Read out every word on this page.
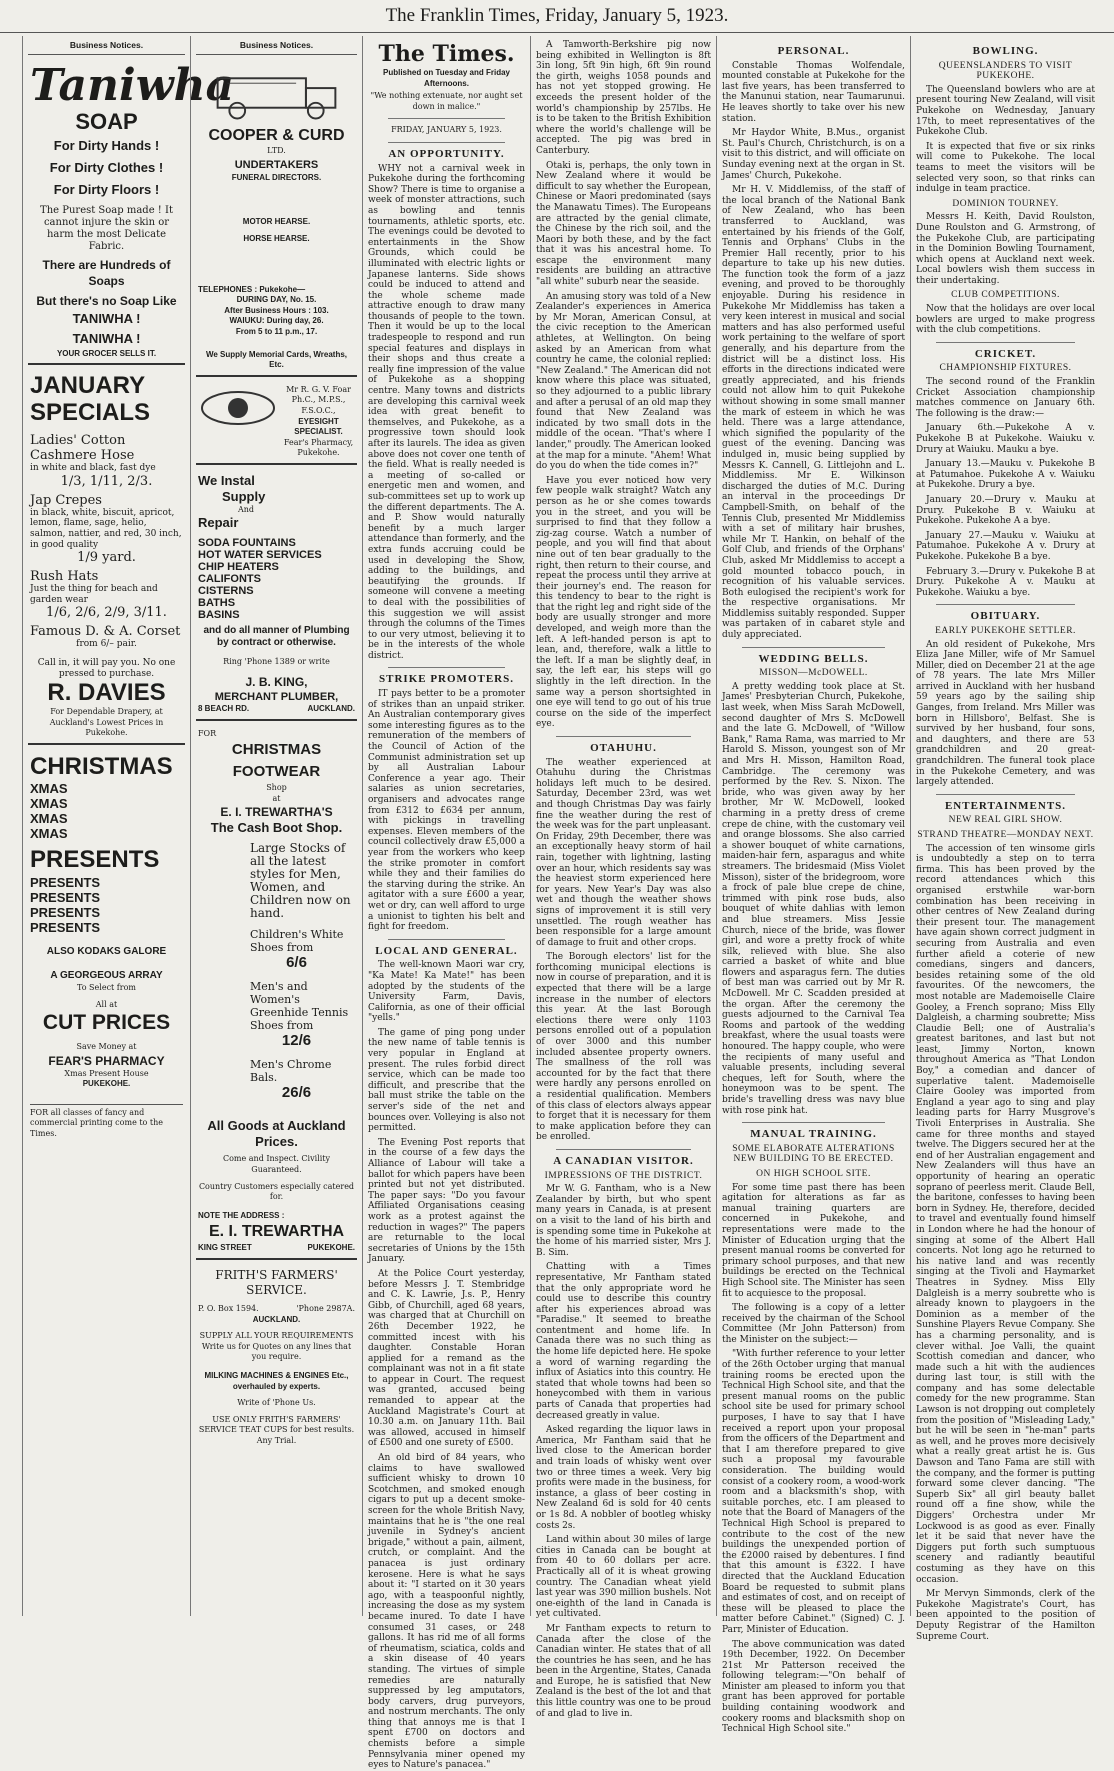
The Franklin Times, Friday, January 5, 1923.
Business Notices.
Taniwha
SOAP
For Dirty Hands !
For Dirty Clothes !
For Dirty Floors !
The Purest Soap made ! It cannot injure the skin or harm the most Delicate Fabric.
There are Hundreds of Soaps
But there's no Soap Like
TANIWHA !
TANIWHA !
YOUR GROCER SELLS IT.
JANUARY
SPECIALS
Ladies' Cotton Cashmere Hose
in white and black, fast dye
1/3, 1/11, 2/3.
Jap Crepes
in black, white, biscuit, apricot, lemon, flame, sage, helio, salmon, nattier, and red, 30 inch, in good quality
1/9 yard.
Rush Hats
Just the thing for beach and garden wear
1/6, 2/6, 2/9, 3/11.
Famous D. & A. Corset
from 6/– pair.
Call in, it will pay you. No one pressed to purchase.
R. DAVIES
For Dependable Drapery, at Auckland's Lowest Prices in Pukekohe.
CHRISTMAS
XMAS
XMAS
XMAS
XMAS
PRESENTS
PRESENTS
PRESENTS
PRESENTS
PRESENTS
ALSO KODAKS GALORE
A GEORGEOUS ARRAY
To Select from
All at
CUT PRICES
Save Money at
FEAR'S PHARMACY
Xmas Present House
PUKEKOHE.
FOR all classes of fancy and commercial printing come to the Times.
Business Notices.
COOPER & CURD
LTD.
UNDERTAKERS
FUNERAL DIRECTORS.
MOTOR HEARSE.
HORSE HEARSE.
TELEPHONES : Pukekohe—
DURING DAY, No. 15.
After Business Hours : 103.
WAIUKU: During day, 26.
From 5 to 11 p.m., 17.
We Supply Memorial Cards, Wreaths, Etc.
Mr R. G. V. Foar Ph.C., M.P.S., F.S.O.C.,
EYESIGHT SPECIALIST.
Fear's Pharmacy, Pukekohe.
We Instal
Supply
And
Repair
SODA FOUNTAINS
HOT WATER SERVICES
CHIP HEATERS
CALIFONTS
CISTERNS
BATHS
BASINS
and do all manner of Plumbing by contract or otherwise.
Ring 'Phone 1389 or write
J. B. KING,
MERCHANT PLUMBER,
8 BEACH RD.	AUCKLAND.
FOR
CHRISTMAS FOOTWEAR
Shop
at
E. I. TREWARTHA'S
The Cash Boot Shop.
Large Stocks of all the latest styles for Men, Women, and Children now on hand.
Children's White Shoes from
6/6
Men's and Women's Greenhide Tennis Shoes from
12/6
Men's Chrome Bals.
26/6
All Goods at Auckland Prices.
Come and Inspect. Civility Guaranteed.
Country Customers especially catered for.
NOTE THE ADDRESS :
E. I. TREWARTHA
KING STREET	PUKEKOHE.
FRITH'S FARMERS' SERVICE.
P. O. Box 1594.	'Phone 2987A.
AUCKLAND.
SUPPLY ALL YOUR REQUIREMENTS Write us for Quotes on any lines that you require.
MILKING MACHINES & ENGINES Etc., overhauled by experts.
Write of 'Phone Us.
USE ONLY FRITH'S FARMERS' SERVICE TEAT CUPS for best results. Any Trial.
The Times.
Published on Tuesday and Friday Afternoons.
"We nothing extenuate, nor aught set down in malice."
FRIDAY, JANUARY 5, 1923.
AN OPPORTUNITY.

WHY not a carnival week in Pukekohe during the forthcoming Show? There is time to organise a week of monster attractions, such as bowling and tennis tournaments, athletic sports, etc. The evenings could be devoted to entertainments in the Show Grounds, which could be illuminated with electric lights or Japanese lanterns. Side shows could be induced to attend and the whole scheme made attractive enough to draw many thousands of people to the town. Then it would be up to the local tradespeople to respond and run special features and displays in their shops and thus create a really fine impression of the value of Pukekohe as a shopping centre. Many towns and districts are developing this carnival week idea with great benefit to themselves, and Pukekohe, as a progressive town should look after its laurels. The idea as given above does not cover one tenth of the field. What is really needed is a meeting of so-called or energetic men and women, and sub-committees set up to work up the different departments. The A. and P. Show would naturally benefit by a much larger attendance than formerly, and the extra funds accruing could be used in developing the Show, adding to the buildings, and beautifying the grounds. If someone will convene a meeting to deal with the possibilities of this suggestion we will assist through the columns of the Times to our very utmost, believing it to be in the interests of the whole district.

STRIKE PROMOTERS.

IT pays better to be a promoter of strikes than an unpaid striker. An Australian contemporary gives some interesting figures as to the remuneration of the members of the Council of Action of the Communist administration set up by all Australian Labour Conference a year ago. Their salaries as union secretaries, organisers and advocates range from £312 to £634 per annum, with pickings in travelling expenses. Eleven members of the council collectively draw £5,000 a year from the workers who keep the strike promoter in comfort while they and their families do the starving during the strike. An agitator with a sure £600 a year, wet or dry, can well afford to urge a unionist to tighten his belt and fight for freedom.

LOCAL AND GENERAL.

The well-known Maori war cry, "Ka Mate! Ka Mate!" has been adopted by the students of the University Farm, Davis, California, as one of their official "yells."

The game of ping pong under the new name of table tennis is very popular in England at present. The rules forbid direct service, which can be made too difficult, and prescribe that the ball must strike the table on the server's side of the net and bounces over. Volleying is also not permitted.

The Evening Post reports that in the course of a few days the Alliance of Labour will take a ballot for which papers have been printed but not yet distributed. The paper says: "Do you favour Affiliated Organisations ceasing work as a protest against the reduction in wages?" The papers are returnable to the local secretaries of Unions by the 15th January.

At the Police Court yesterday, before Messrs J. T. Stembridge and C. K. Lawrie, J.s. P., Henry Gibb, of Churchill, aged 68 years, was charged that at Churchill on 26th December 1922, he committed incest with his daughter. Constable Horan applied for a remand as the complainant was not in a fit state to appear in Court. The request was granted, accused being remanded to appear at the Auckland Magistrate's Court at 10.30 a.m. on January 11th. Bail was allowed, accused in himself of £500 and one surety of £500.

An old bird of 84 years, who claims to have swallowed sufficient whisky to drown 10 Scotchmen, and smoked enough cigars to put up a decent smoke-screen for the whole British Navy, maintains that he is "the one real juvenile in Sydney's ancient brigade," without a pain, ailment, crutch, or complaint. And the panacea is just ordinary kerosene. Here is what he says about it: "I started on it 30 years ago, with a teaspoonful nightly, increasing the dose as my system became inured. To date I have consumed 31 cases, or 248 gallons. It has rid me of all forms of rheumatism, sciatica, colds and a skin disease of 40 years standing. The virtues of simple remedies are naturally suppressed by leg amputators, body carvers, drug purveyors, and nostrum merchants. The only thing that annoys me is that I spent £700 on doctors and chemists before a simple Pennsylvania miner opened my eyes to Nature's panacea."

A Tamworth-Berkshire pig now being exhibited in Wellington is 8ft 3in long, 5ft 9in high, 6ft 9in round the girth, weighs 1058 pounds and has not yet stopped growing. He exceeds the present holder of the world's championship by 257lbs. He is to be taken to the British Exhibition where the world's challenge will be accepted. The pig was bred in Canterbury.

Otaki is, perhaps, the only town in New Zealand where it would be difficult to say whether the European, Chinese or Maori predominated (says the Manawatu Times). The Europeans are attracted by the genial climate, the Chinese by the rich soil, and the Maori by both these, and by the fact that it was his ancestral home. To escape the environment many residents are building an attractive "all white" suburb near the seaside.

An amusing story was told of a New Zealander's experiences in America by Mr Moran, American Consul, at the civic reception to the American athletes, at Wellington. On being asked by an American from what country he came, the colonial replied: "New Zealand." The American did not know where this place was situated, so they adjourned to a public library and after a perusal of an old map they found that New Zealand was indicated by two small dots in the middle of the ocean. "That's where I lander," proudly. The American looked at the map for a minute. "Ahem! What do you do when the tide comes in?"

Have you ever noticed how very few people walk straight? Watch any person as he or she comes towards you in the street, and you will be surprised to find that they follow a zig-zag course. Watch a number of people, and you will find that about nine out of ten bear gradually to the right, then return to their course, and repeat the process until they arrive at their journey's end. The reason for this tendency to bear to the right is that the right leg and right side of the body are usually stronger and more developed, and weigh more than the left. A left-handed person is apt to lean, and, therefore, walk a little to the left. If a man be slightly deaf, in say, the left ear, his steps will go slightly in the left direction. In the same way a person shortsighted in one eye will tend to go out of his true course on the side of the imperfect eye.

OTAHUHU.

The weather experienced at Otahuhu during the Christmas holidays left much to be desired. Saturday, December 23rd, was wet and though Christmas Day was fairly fine the weather during the rest of the week was for the part unpleasant. On Friday, 29th December, there was an exceptionally heavy storm of hail rain, together with lightning, lasting over an hour, which residents say was the heaviest storm experienced here for years. New Year's Day was also wet and though the weather shows signs of improvement it is still very unsettled. The rough weather has been responsible for a large amount of damage to fruit and other crops.

The Borough electors' list for the forthcoming municipal elections is now in course of preparation, and it is expected that there will be a large increase in the number of electors this year. At the last Borough elections there were only 1103 persons enrolled out of a population of over 3000 and this number included absentee property owners. The smallness of the roll was accounted for by the fact that there were hardly any persons enrolled on a residential qualification. Members of this class of electors always appear to forget that it is necessary for them to make application before they can be enrolled.

A CANADIAN VISITOR.
IMPRESSIONS OF THE DISTRICT.

Mr W. G. Fantham, who is a New Zealander by birth, but who spent many years in Canada, is at present on a visit to the land of his birth and is spending some time in Pukekohe at the home of his married sister, Mrs J. B. Sim.

Chatting with a Times representative, Mr Fantham stated that the only appropriate word he could use to describe this country after his experiences abroad was "Paradise." It seemed to breathe contentment and home life. In Canada there was no such thing as the home life depicted here. He spoke a word of warning regarding the influx of Asiatics into this country. He stated that whole towns had been so honeycombed with them in various parts of Canada that properties had decreased greatly in value.

Asked regarding the liquor laws in America, Mr Fantham said that he lived close to the American border and train loads of whisky went over two or three times a week. Very big profits were made in the business, for instance, a glass of beer costing in New Zealand 6d is sold for 40 cents or 1s 8d. A nobbler of bootleg whisky costs 2s.

Land within about 30 miles of large cities in Canada can be bought at from 40 to 60 dollars per acre. Practically all of it is wheat growing country. The Canadian wheat yield last year was 390 million bushels. Not one-eighth of the land in Canada is yet cultivated.

Mr Fantham expects to return to Canada after the close of the Canadian winter. He states that of all the countries he has seen, and he has been in the Argentine, States, Canada and Europe, he is satisfied that New Zealand is the best of the lot and that this little country was one to be proud of and glad to live in.

PERSONAL.

Constable Thomas Wolfendale, mounted constable at Pukekohe for the last five years, has been transferred to the Manunui station, near Taumarunui. He leaves shortly to take over his new station.

Mr Haydor White, B.Mus., organist St. Paul's Church, Christchurch, is on a visit to this district, and will officiate on Sunday evening next at the organ in St. James' Church, Pukekohe.

Mr H. V. Middlemiss, of the staff of the local branch of the National Bank of New Zealand, who has been transferred to Auckland, was entertained by his friends of the Golf, Tennis and Orphans' Clubs in the Premier Hall recently, prior to his departure to take up his new duties. The function took the form of a jazz evening, and proved to be thoroughly enjoyable. During his residence in Pukekohe Mr Middlemiss has taken a very keen interest in musical and social matters and has also performed useful work pertaining to the welfare of sport generally, and his departure from the district will be a distinct loss. His efforts in the directions indicated were greatly appreciated, and his friends could not allow him to quit Pukekohe without showing in some small manner the mark of esteem in which he was held. There was a large attendance, which signified the popularity of the guest of the evening. Dancing was indulged in, music being supplied by Messrs K. Cannell, G. Littlejohn and L. Middlemiss. Mr E. Wilkinson discharged the duties of M.C. During an interval in the proceedings Dr Campbell-Smith, on behalf of the Tennis Club, presented Mr Middlemiss with a set of military hair brushes, while Mr T. Hankin, on behalf of the Golf Club, and friends of the Orphans' Club, asked Mr Middlemiss to accept a gold mounted tobacco pouch, in recognition of his valuable services. Both eulogised the recipient's work for the respective organisations. Mr Middlemiss suitably responded. Supper was partaken of in cabaret style and duly appreciated.

WEDDING BELLS.
MISSON—McDOWELL.

A pretty wedding took place at St. James' Presbyterian Church, Pukekohe, last week, when Miss Sarah McDowell, second daughter of Mrs S. McDowell and the late G. McDowell, of "Willow Bank," Rama Rama, was married to Mr Harold S. Misson, youngest son of Mr and Mrs H. Misson, Hamilton Road, Cambridge. The ceremony was performed by the Rev. S. Nixon. The bride, who was given away by her brother, Mr W. McDowell, looked charming in a pretty dress of creme crepe de chine, with the customary veil and orange blossoms. She also carried a shower bouquet of white carnations, maiden-hair fern, asparagus and white streamers. The bridesmaid (Miss Violet Misson), sister of the bridegroom, wore a frock of pale blue crepe de chine, trimmed with pink rose buds, also bouquet of white dahlias with lemon and blue streamers. Miss Jessie Church, niece of the bride, was flower girl, and wore a pretty frock of white silk, relieved with blue. She also carried a basket of white and blue flowers and asparagus fern. The duties of best man was carried out by Mr R. McDowell. Mr C. Scadden presided at the organ. After the ceremony the guests adjourned to the Carnival Tea Rooms and partook of the wedding breakfast, where the usual toasts were honoured. The happy couple, who were the recipients of many useful and valuable presents, including several cheques, left for South, where the honeymoon was to be spent. The bride's travelling dress was navy blue with rose pink hat.

MANUAL TRAINING.
SOME ELABORATE ALTERATIONS NEW BUILDING TO BE ERECTED.
ON HIGH SCHOOL SITE.

For some time past there has been agitation for alterations as far as manual training quarters are concerned in Pukekohe, and representations were made to the Minister of Education urging that the present manual rooms be converted for primary school purposes, and that new buildings be erected on the Technical High School site. The Minister has seen fit to acquiesce to the proposal.

The following is a copy of a letter received by the chairman of the School Committee (Mr John Patterson) from the Minister on the subject:—

"With further reference to your letter of the 26th October urging that manual training rooms be erected upon the Technical High School site, and that the present manual rooms on the public school site be used for primary school purposes, I have to say that I have received a report upon your proposal from the officers of the Department and that I am therefore prepared to give such a proposal my favourable consideration. The building would consist of a cookery room, a wood-work room and a blacksmith's shop, with suitable porches, etc. I am pleased to note that the Board of Managers of the Technical High School is prepared to contribute to the cost of the new buildings the unexpended portion of the £2000 raised by debentures. I find that this amount is £322. I have directed that the Auckland Education Board be requested to submit plans and estimates of cost, and on receipt of these will be pleased to place the matter before Cabinet." (Signed) C. J. Parr, Minister of Education.

The above communication was dated 19th December, 1922. On December 21st Mr Patterson received the following telegram:—"On behalf of Minister am pleased to inform you that grant has been approved for portable building containing woodwork and cookery rooms and blacksmith shop on Technical High School site."

BOWLING.
QUEENSLANDERS TO VISIT PUKEKOHE.

The Queensland bowlers who are at present touring New Zealand, will visit Pukekohe on Wednesday, January 17th, to meet representatives of the Pukekohe Club.

It is expected that five or six rinks will come to Pukekohe. The local teams to meet the visitors will be selected very soon, so that rinks can indulge in team practice.

DOMINION TOURNEY.

Messrs H. Keith, David Roulston, Dune Roulston and G. Armstrong, of the Pukekohe Club, are participating in the Dominion Bowling Tournament, which opens at Auckland next week. Local bowlers wish them success in their undertaking.

CLUB COMPETITIONS.

Now that the holidays are over local bowlers are urged to make progress with the club competitions.

CRICKET.
CHAMPIONSHIP FIXTURES.

The second round of the Franklin Cricket Association championship matches commence on January 6th. The following is the draw:—

January 6th.—Pukekohe A v. Pukekohe B at Pukekohe. Waiuku v. Drury at Waiuku. Mauku a bye.

January 13.—Mauku v. Pukekohe B at Patumahoe. Pukekohe A v. Waiuku at Pukekohe. Drury a bye.

January 20.—Drury v. Mauku at Drury. Pukekohe B v. Waiuku at Pukekohe. Pukekohe A a bye.

January 27.—Mauku v. Waiuku at Patumahoe. Pukekohe A v. Drury at Pukekohe. Pukekohe B a bye.

February 3.—Drury v. Pukekohe B at Drury. Pukekohe A v. Mauku at Pukekohe. Waiuku a bye.

OBITUARY.
EARLY PUKEKOHE SETTLER.

An old resident of Pukekohe, Mrs Eliza Jane Miller, wife of Mr Samuel Miller, died on December 21 at the age of 78 years. The late Mrs Miller arrived in Auckland with her husband 59 years ago by the sailing ship Ganges, from Ireland. Mrs Miller was born in Hillsboro', Belfast. She is survived by her husband, four sons, and daughters, and there are 53 grandchildren and 20 great-grandchildren. The funeral took place in the Pukekohe Cemetery, and was largely attended.

ENTERTAINMENTS.
NEW REAL GIRL SHOW.
STRAND THEATRE—MONDAY NEXT.

The accession of ten winsome girls is undoubtedly a step on to terra firma. This has been proved by the record attendances which this organised erstwhile war-born combination has been receiving in other centres of New Zealand during their present tour. The management have again shown correct judgment in securing from Australia and even further afield a coterie of new comedians, singers and dancers, besides retaining some of the old favourites. Of the newcomers, the most notable are Mademoiselle Claire Gooley, a French soprano; Miss Elly Dalgleish, a charming soubrette; Miss Claudie Bell; one of Australia's greatest baritones, and last but not least, Jimmy Norton, known throughout America as "That London Boy," a comedian and dancer of superlative talent. Mademoiselle Claire Gooley was imported from England a year ago to sing and play leading parts for Harry Musgrove's Tivoli Enterprises in Australia. She came for three months and stayed twelve. The Diggers secured her at the end of her Australian engagement and New Zealanders will thus have an opportunity of hearing an operatic soprano of peerless merit. Claude Bell, the baritone, confesses to having been born in Sydney. He, therefore, decided to travel and eventually found himself in London where he had the honour of singing at some of the Albert Hall concerts. Not long ago he returned to his native land and was recently singing at the Tivoli and Haymarket Theatres in Sydney. Miss Elly Dalgleish is a merry soubrette who is already known to playgoers in the Dominion as a member of the Sunshine Players Revue Company. She has a charming personality, and is clever withal. Joe Valli, the quaint Scottish comedian and dancer, who made such a hit with the audiences during last tour, is still with the company and has some delectable comedy for the new programme. Stan Lawson is not dropping out completely from the position of "Misleading Lady," but he will be seen in "he-man" parts as well, and he proves more decisively what a really great artist he is. Gus Dawson and Tano Fama are still with the company, and the former is putting forward some clever dancing. "The Superb Six" all girl beauty ballet round off a fine show, while the Diggers' Orchestra under Mr Lockwood is as good as ever. Finally let it be said that never have the Diggers put forth such sumptuous scenery and radiantly beautiful costuming as they have on this occasion.

Mr Mervyn Simmonds, clerk of the Pukekohe Magistrate's Court, has been appointed to the position of Deputy Registrar of the Hamilton Supreme Court.
